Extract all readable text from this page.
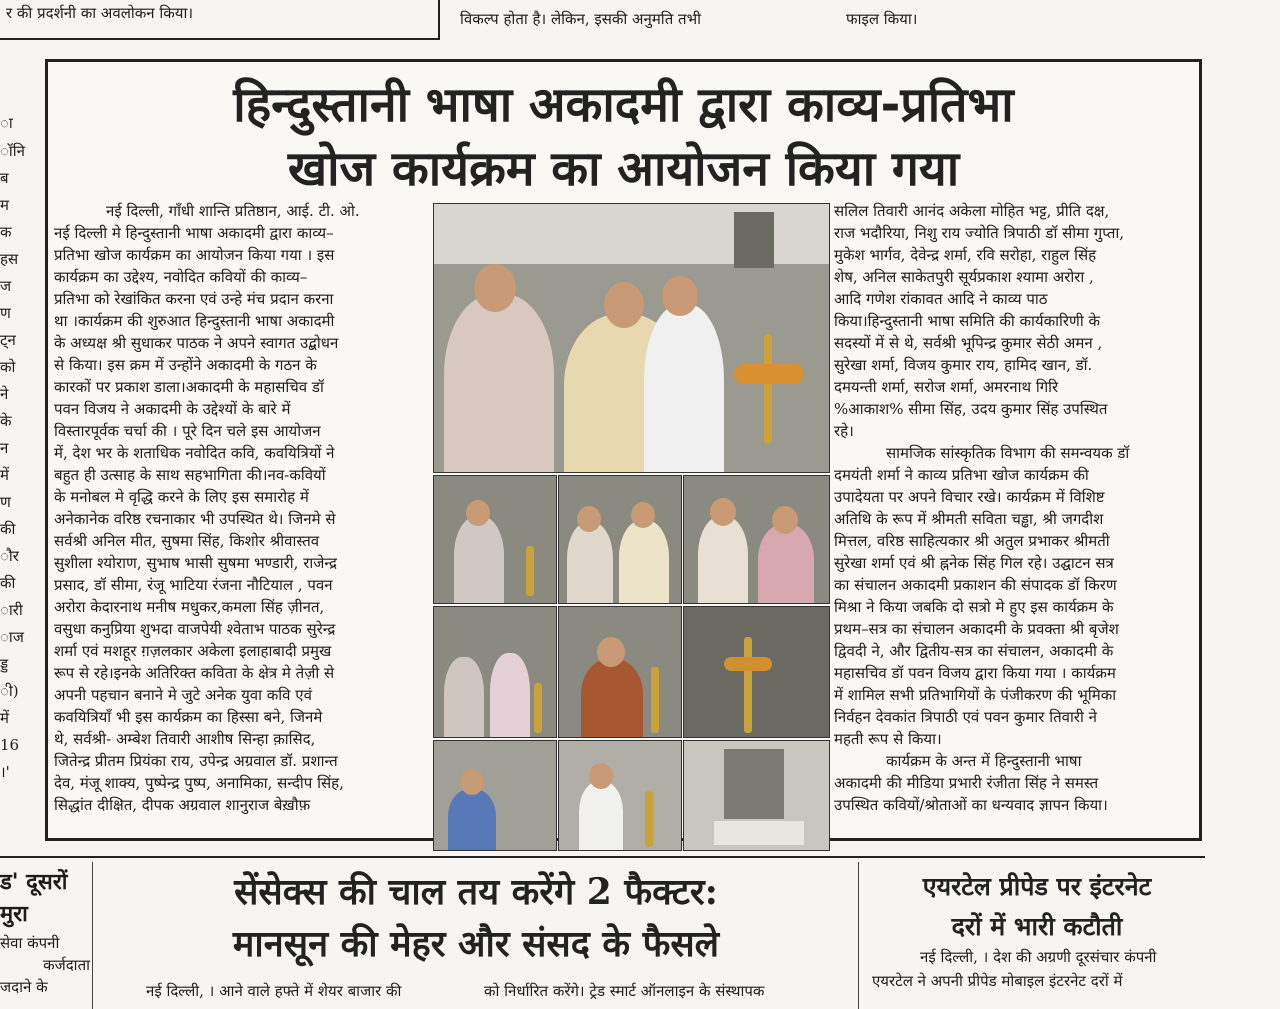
र की प्रदर्शनी का अवलोकन किया।	विकल्प होता है। लेकिन, इसकी अनुमति तभी	फाइल किया।
ा
ॉनि
ब
म
क
हस
ज
ण
ट्न
को
ने
के
न
में
ण
की
ौर
की
ारी
ाज
ड्ड
ी)
में
16
।'
हिन्दुस्तानी भाषा अकादमी द्वारा काव्य-प्रतिभा
खोज कार्यक्रम का आयोजन किया गया
नई दिल्ली, गाँधी शान्ति प्रतिष्ठान, आई. टी. ओ.
नई दिल्ली मे हिन्दुस्तानी भाषा अकादमी द्वारा काव्य–
प्रतिभा खोज कार्यक्रम का आयोजन किया गया । इस
कार्यक्रम का उद्देश्य, नवोदित कवियों की काव्य–
प्रतिभा को रेखांकित करना एवं उन्हे मंच प्रदान करना
था ।कार्यक्रम की शुरुआत हिन्दुस्तानी भाषा अकादमी
के अध्यक्ष श्री सुधाकर पाठक ने अपने स्वागत उद्बोधन
से किया। इस क्रम में उन्होंने अकादमी के गठन के
कारकों पर प्रकाश डाला।अकादमी के महासचिव डॉ
पवन विजय ने अकादमी के उद्देश्यों के बारे में
विस्तारपूर्वक चर्चा की । पूरे दिन चले इस आयोजन
में, देश भर के शताधिक नवोदित कवि, कवयित्रियों ने
बहुत ही उत्साह के साथ सहभागिता की।नव-कवियों
के मनोबल मे वृद्धि करने के लिए इस समारोह में
अनेकानेक वरिष्ठ रचनाकार भी उपस्थित थे। जिनमे से
सर्वश्री अनिल मीत, सुषमा सिंह, किशोर श्रीवास्तव
सुशीला श्योराण, सुभाष भासी सुषमा भण्डारी, राजेन्द्र
प्रसाद, डॉ सीमा, रंजू भाटिया रंजना नौटियाल , पवन
अरोरा केदारनाथ मनीष मधुकर,कमला सिंह ज़ीनत,
वसुधा कनुप्रिया शुभदा वाजपेयी श्वेताभ पाठक सुरेन्द्र
शर्मा एवं मशहूर ग़ज़लकार अकेला इलाहाबादी प्रमुख
रूप से रहे।इनके अतिरिक्त कविता के क्षेत्र मे तेज़ी से
अपनी पहचान बनाने मे जुटे अनेक युवा कवि एवं
कवयित्रियाँ भी इस कार्यक्रम का हिस्सा बने, जिनमे
थे, सर्वश्री- अम्बेश तिवारी आशीष सिन्हा क़ासिद,
जितेन्द्र प्रीतम प्रियंका राय, उपेन्द्र अग्रवाल डॉ. प्रशान्त
देव, मंजू शाक्य, पुष्पेन्द्र पुष्प, अनामिका, सन्दीप सिंह,
सिद्धांत दीक्षित, दीपक अग्रवाल शानुराज बेख़ौफ़
सलिल तिवारी आनंद अकेला मोहित भट्ट, प्रीति दक्ष,
राज भदौरिया, निशु राय ज्योति त्रिपाठी डॉ सीमा गुप्ता,
मुकेश भार्गव, देवेन्द्र शर्मा, रवि सरोहा, राहुल सिंह
शेष, अनिल साकेतपुरी सूर्यप्रकाश श्यामा अरोरा ,
आदि गणेश रांकावत आदि ने काव्य पाठ
किया।हिन्दुस्तानी भाषा समिति की कार्यकारिणी के
सदस्यों में से थे, सर्वश्री भूपिन्द्र कुमार सेठी अमन ,
सुरेखा शर्मा, विजय कुमार राय, हामिद खान, डॉ.
दमयन्ती शर्मा, सरोज शर्मा, अमरनाथ गिरि
%आकाश% सीमा सिंह, उदय कुमार सिंह उपस्थित
रहे।
सामजिक सांस्कृतिक विभाग की समन्वयक डॉ
दमयंती शर्मा ने काव्य प्रतिभा खोज कार्यक्रम की
उपादेयता पर अपने विचार रखे। कार्यक्रम में विशिष्ट
अतिथि के रूप में श्रीमती सविता चड्ढा, श्री जगदीश
मित्तल, वरिष्ठ साहित्यकार श्री अतुल प्रभाकर श्रीमती
सुरेखा शर्मा एवं श्री ह्ननेक सिंह गिल रहे। उद्घाटन सत्र
का संचालन अकादमी प्रकाशन की संपादक डॉ किरण
मिश्रा ने किया जबकि दो सत्रो मे हुए इस कार्यक्रम के
प्रथम–सत्र का संचालन अकादमी के प्रवक्ता श्री बृजेश
द्विवदी ने, और द्वितीय-सत्र का संचालन, अकादमी के
महासचिव डॉ पवन विजय द्वारा किया गया । कार्यक्रम
में शामिल सभी प्रतिभागियों के पंजीकरण की भूमिका
निर्वहन देवकांत त्रिपाठी एवं पवन कुमार तिवारी ने
महती रूप से किया।
कार्यक्रम के अन्त में हिन्दुस्तानी भाषा
अकादमी की मीडिया प्रभारी रंजीता सिंह ने समस्त
उपस्थित कवियों/श्रोताओं का धन्यवाद ज्ञापन किया।
ड' दूसरों
मुरा
सेवा कंपनी
कर्जदाता
जदाने के
सेंसेक्स की चाल तय करेंगे 2 फैक्टर:
मानसून की मेहर और संसद के फैसले
नई दिल्ली, । आने वाले हफ्ते में शेयर बाजार की	को निर्धारित करेंगे। ट्रेड स्मार्ट ऑनलाइन के संस्थापक
एयरटेल प्रीपेड पर इंटरनेट
दरों में भारी कटौती
नई दिल्ली, । देश की अग्रणी दूरसंचार कंपनी
एयरटेल ने अपनी प्रीपेड मोबाइल इंटरनेट दरों में
